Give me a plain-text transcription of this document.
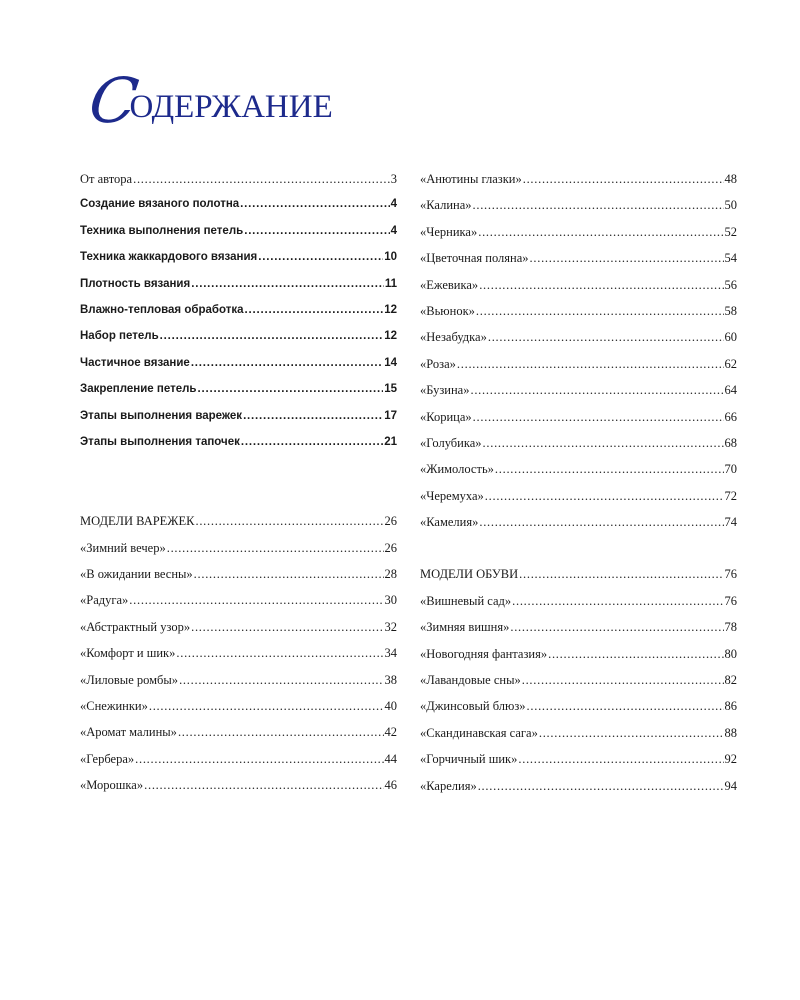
С
ОДЕРЖАНИЕ
От автора . . .	3
Создание вязаного полотна . . .	4
Техника выполнения петель . . .	4
Техника жаккардового вязания . . .	10
Плотность вязания . . .	11
Влажно-тепловая обработка . . .	12
Набор петель . . .	12
Частичное вязание . . .	14
Закрепление петель . . .	15
Этапы выполнения варежек . . .	17
Этапы выполнения тапочек . . .	21
МОДЕЛИ ВАРЕЖЕК . . .	26
«Зимний вечер» . . .	26
«В ожидании весны» . . .	28
«Радуга» . . .	30
«Абстрактный узор» . . .	32
«Комфорт и шик» . . .	34
«Лиловые ромбы» . . .	38
«Снежинки» . . .	40
«Аромат малины» . . .	42
«Гербера» . . .	44
«Морошка» . . .	46
«Анютины глазки» . . .	48
«Калина» . . .	50
«Черника» . . .	52
«Цветочная поляна» . . .	54
«Ежевика» . . .	56
«Вьюнок» . . .	58
«Незабудка» . . .	60
«Роза» . . .	62
«Бузина» . . .	64
«Корица» . . .	66
«Голубика» . . .	68
«Жимолость» . . .	70
«Черемуха» . . .	72
«Камелия» . . .	74
МОДЕЛИ ОБУВИ . . .	76
«Вишневый сад» . . .	76
«Зимняя вишня» . . .	78
«Новогодняя фантазия» . . .	80
«Лавандовые сны» . . .	82
«Джинсовый блюз» . . .	86
«Скандинавская сага» . . .	88
«Горчичный шик» . . .	92
«Карелия» . . .	94
